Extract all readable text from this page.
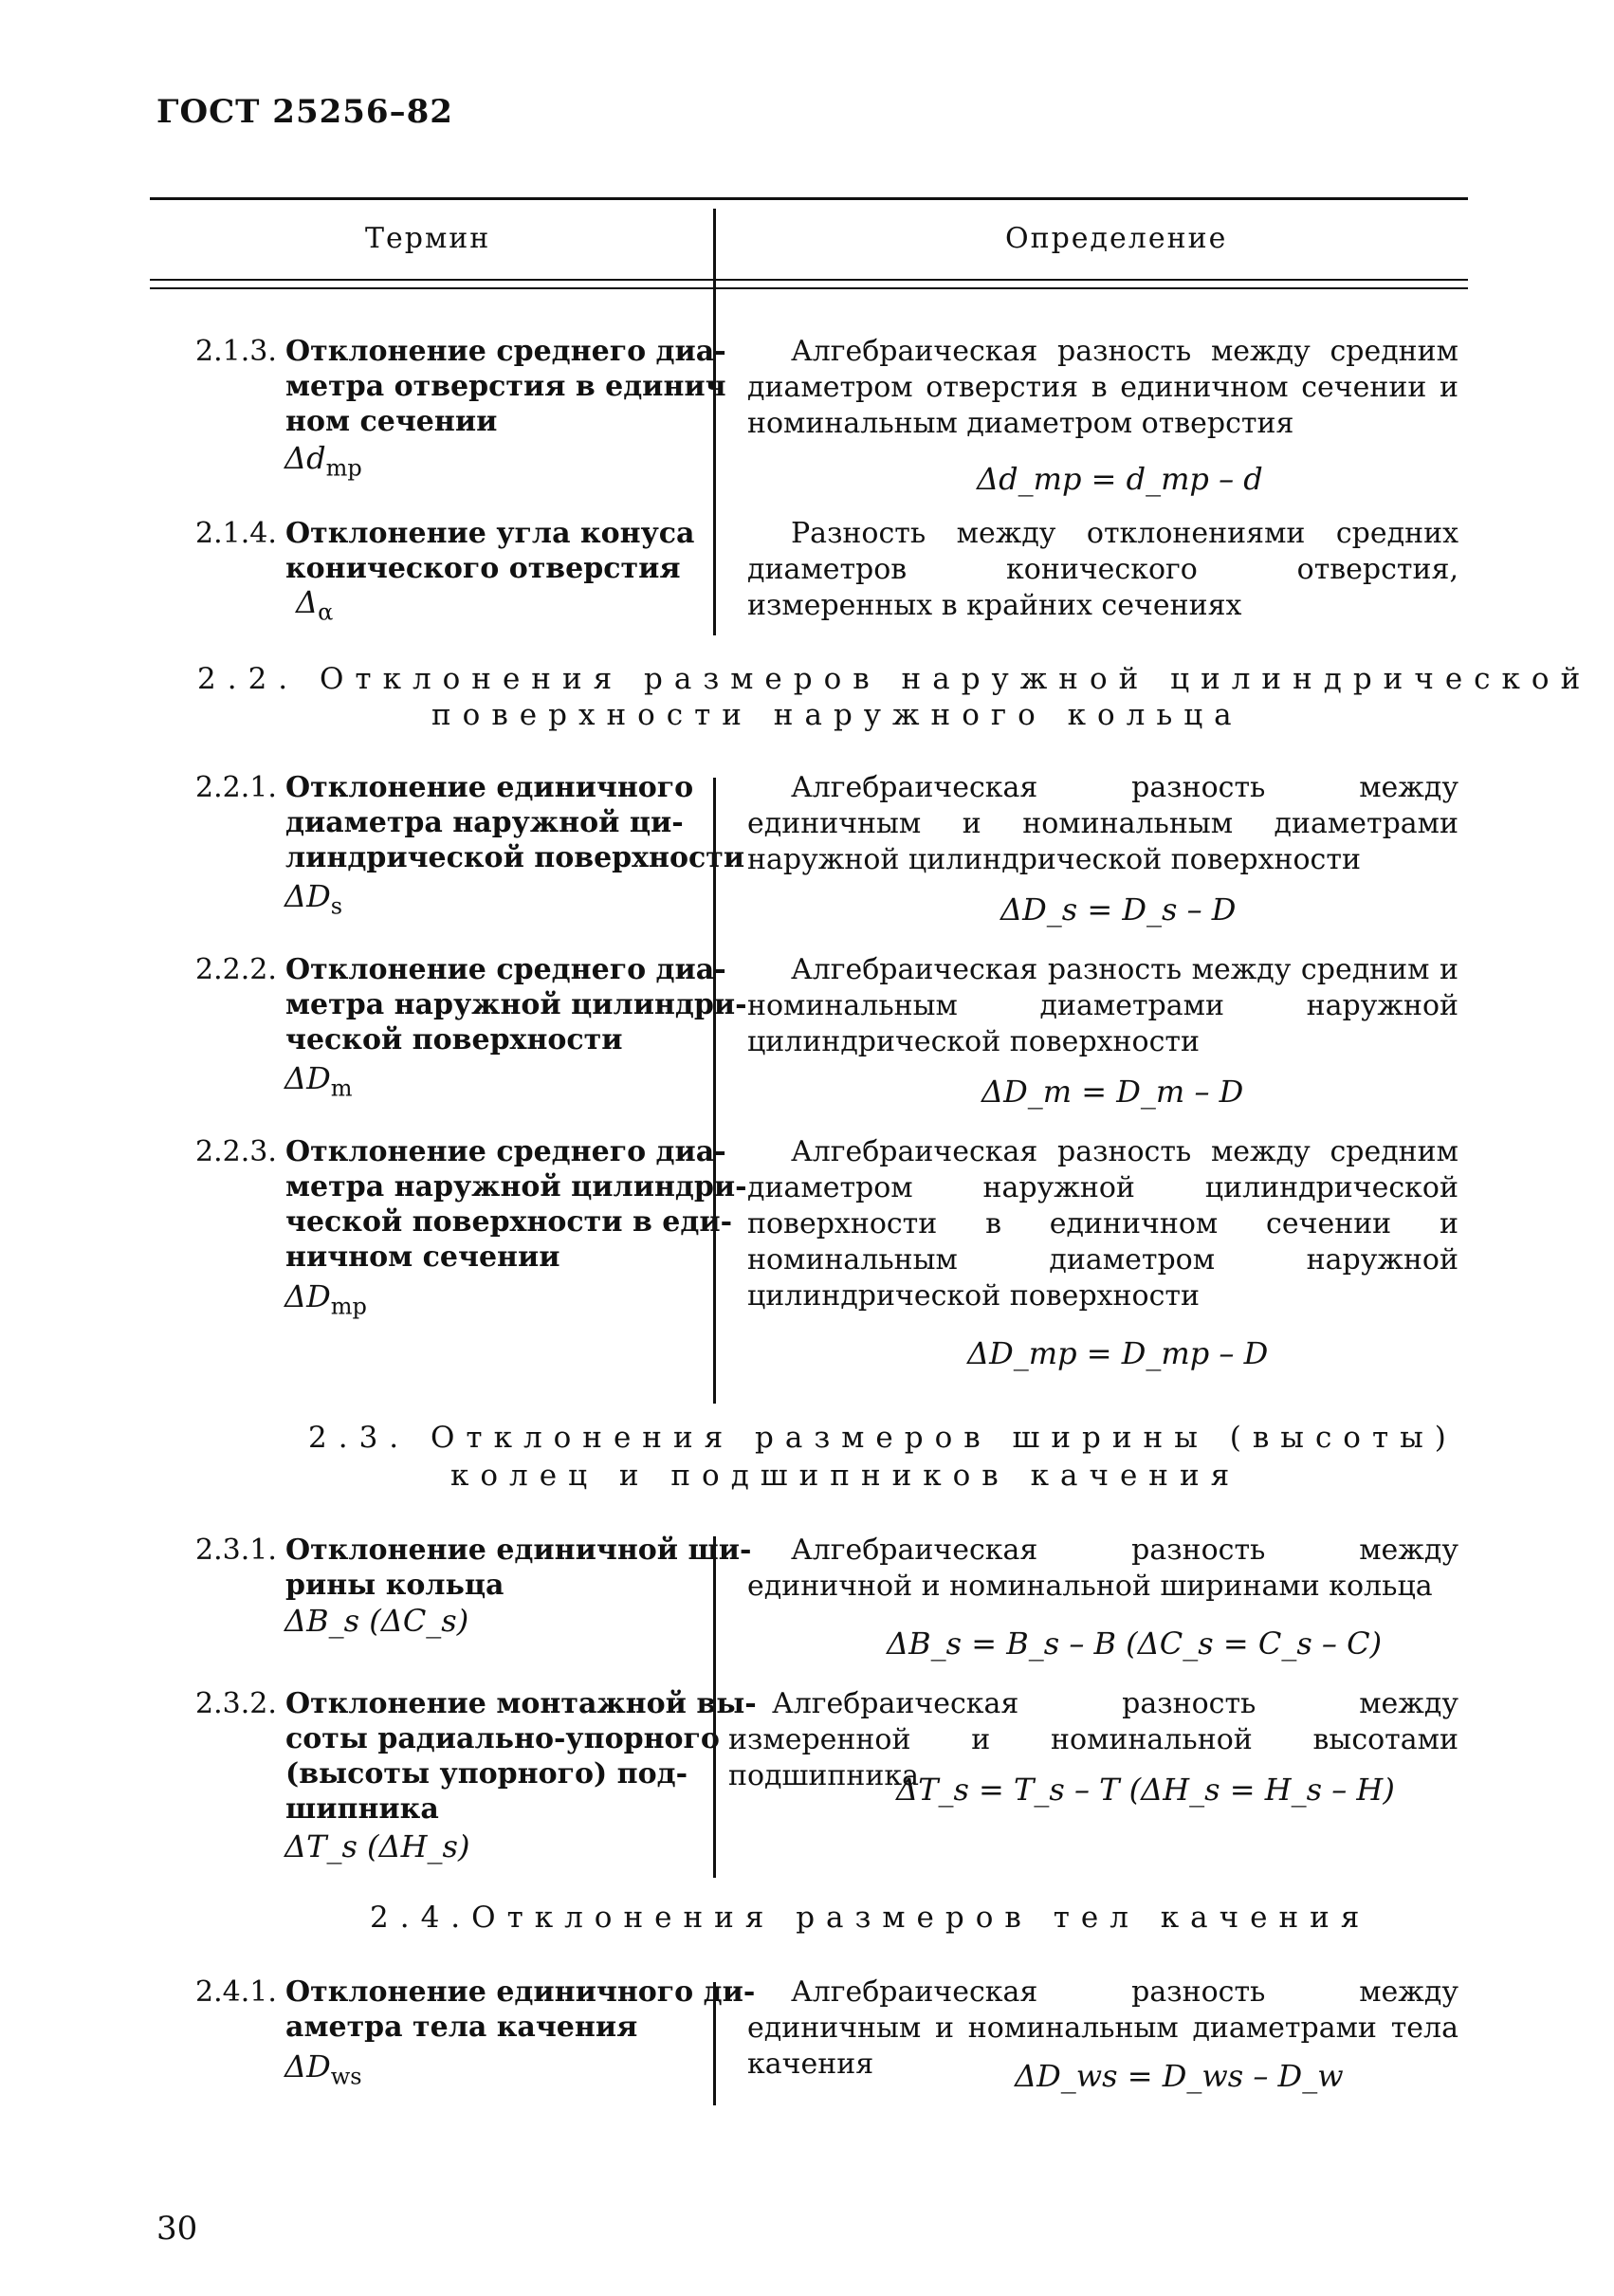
ГОСТ 25256–82
Термин	Определение
2.1.3. Отклонение среднего диа-
метра отверстия в единич
ном сечении
$\Delta d_{mp}$
Алгебраическая разность между средним диаметром отверстия в единичном сечении и номинальным диаметром отверстия
Δd_mp = d_mp – d
2.1.4. Отклонение угла конуса
конического отверстия
$\Delta_\alpha$
Разность между отклонениями средних диаметров конического отверстия, измеренных в крайних сечениях
2.2. Отклонения размеров наружной цилиндрической
поверхности наружного кольца
2.2.1. Отклонение единичного
диаметра наружной ци-
линдрической поверхности
$\Delta D_s$
Алгебраическая разность между единичным и номинальным диаметрами наружной цилиндрической поверхности
ΔD_s = D_s – D
2.2.2. Отклонение среднего диа-
метра наружной цилиндри-
ческой поверхности
$\Delta D_m$
Алгебраическая разность между средним и номинальным диаметрами наружной цилиндрической поверхности
ΔD_m = D_m – D
2.2.3. Отклонение среднего диа-
метра наружной цилиндри-
ческой поверхности в еди-
ничном сечении
$\Delta D_{mp}$
Алгебраическая разность между средним диаметром наружной цилиндрической поверхности в единичном сечении и номинальным диаметром наружной цилиндрической поверхности
ΔD_mp = D_mp – D
2.3. Отклонения размеров ширины (высоты)
колец и подшипников качения
2.3.1. Отклонение единичной ши-
рины кольца
ΔB_s (ΔC_s)
Алгебраическая разность между единичной и номинальной ширинами кольца
ΔB_s = B_s – B (ΔC_s = C_s – C)
2.3.2. Отклонение монтажной вы-
соты радиально-упорного
(высоты упорного) под-
шипника
ΔT_s (ΔH_s)
Алгебраическая разность между измеренной и номинальной высотами подшипника
ΔT_s = T_s – T (ΔH_s = H_s – H)
2.4.Отклонения размеров тел качения
2.4.1. Отклонение единичного ди-
аметра тела качения
$\Delta D_{ws}$
Алгебраическая разность между единичным и номинальным диаметрами тела качения	ΔD_ws = D_ws – D_w
30
